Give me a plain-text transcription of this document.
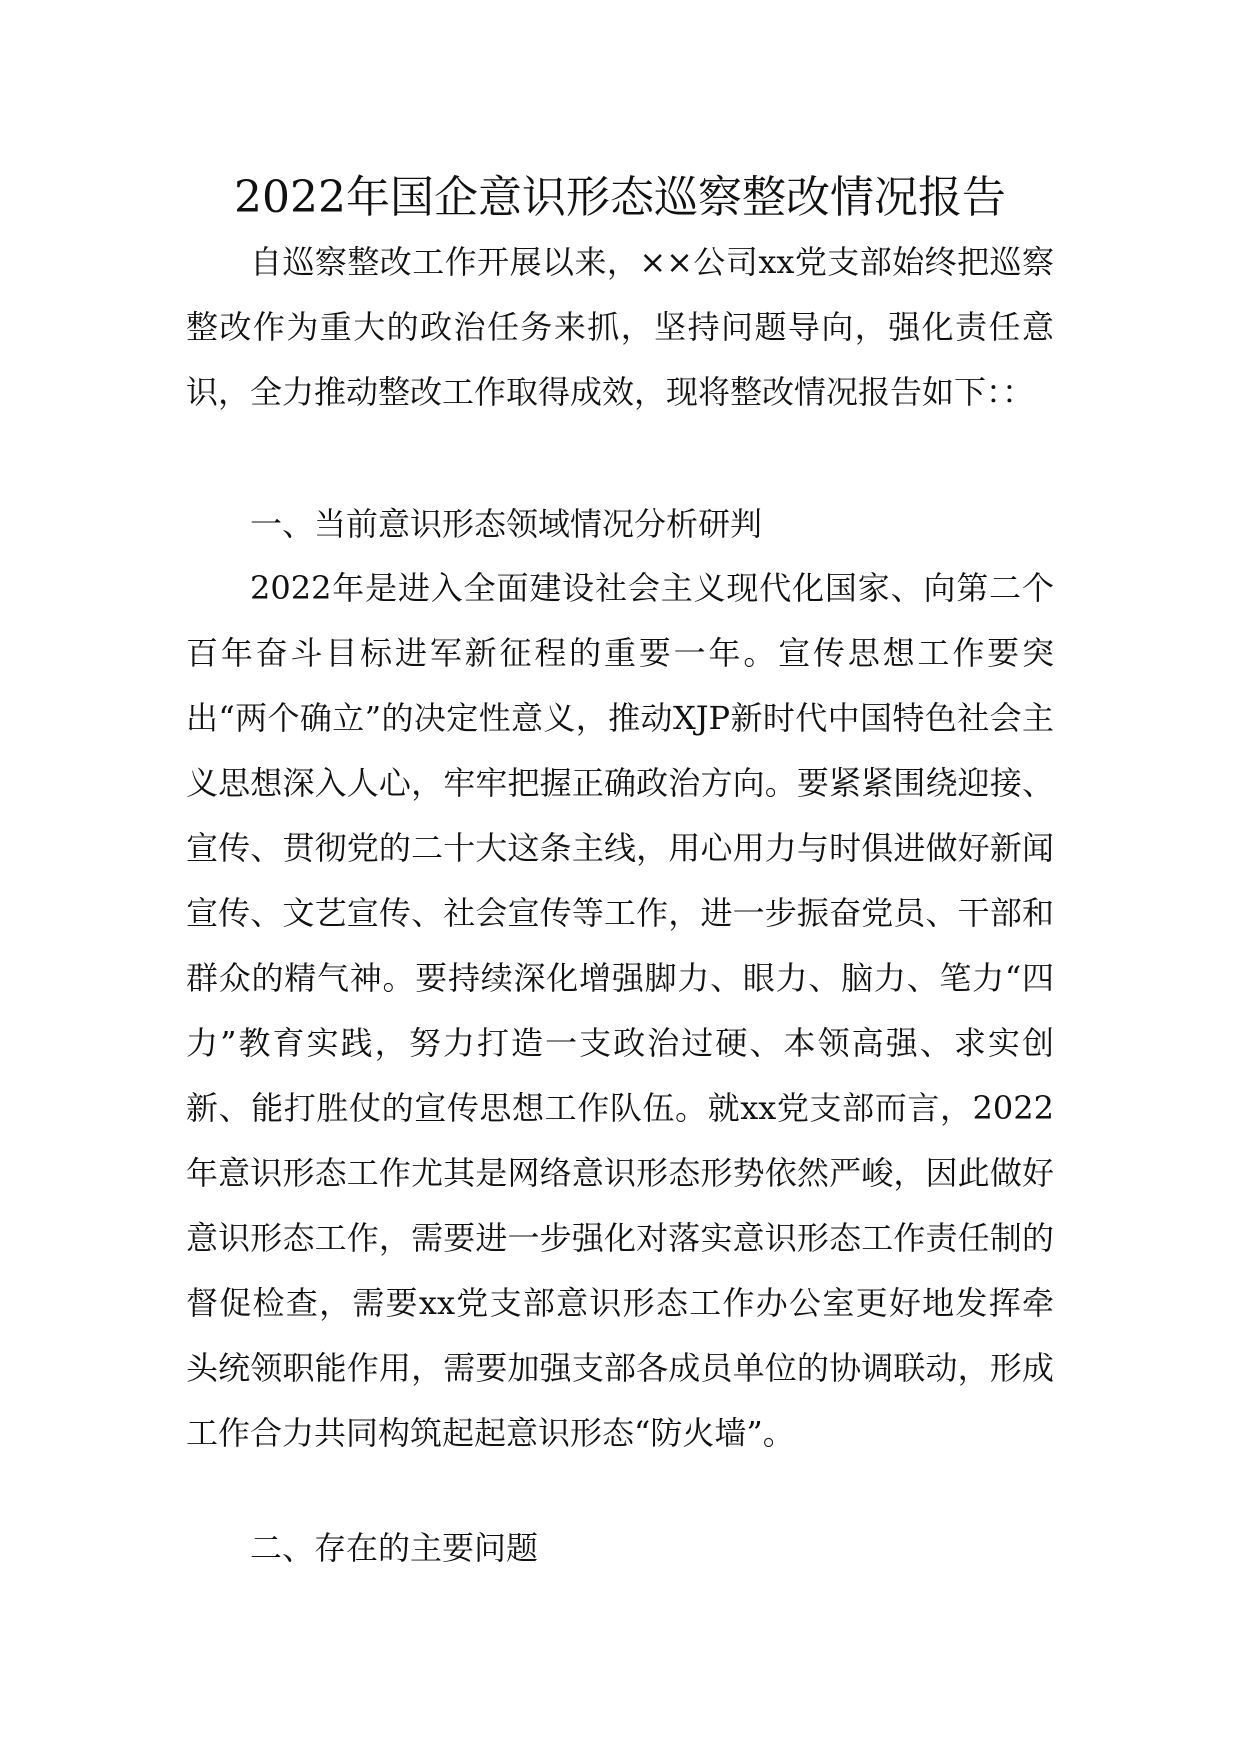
2022年国企意识形态巡察整改情况报告

自巡察整改工作开展以来，××公司xx党支部始终把巡察整改作为重大的政治任务来抓，坚持问题导向，强化责任意识，全力推动整改工作取得成效，现将整改情况报告如下：：

一、当前意识形态领域情况分析研判

2022年是进入全面建设社会主义现代化国家、向第二个百年奋斗目标进军新征程的重要一年。宣传思想工作要突出“两个确立”的决定性意义，推动XJP新时代中国特色社会主义思想深入人心，牢牢把握正确政治方向。要紧紧围绕迎接、宣传、贯彻党的二十大这条主线，用心用力与时俱进做好新闻宣传、文艺宣传、社会宣传等工作，进一步振奋党员、干部和群众的精气神。要持续深化增强脚力、眼力、脑力、笔力“四力”教育实践，努力打造一支政治过硬、本领高强、求实创新、能打胜仗的宣传思想工作队伍。就xx党支部而言，2022年意识形态工作尤其是网络意识形态形势依然严峻，因此做好意识形态工作，需要进一步强化对落实意识形态工作责任制的督促检查，需要xx党支部意识形态工作办公室更好地发挥牵头统领职能作用，需要加强支部各成员单位的协调联动，形成工作合力共同构筑起起意识形态“防火墙”。

二、存在的主要问题
